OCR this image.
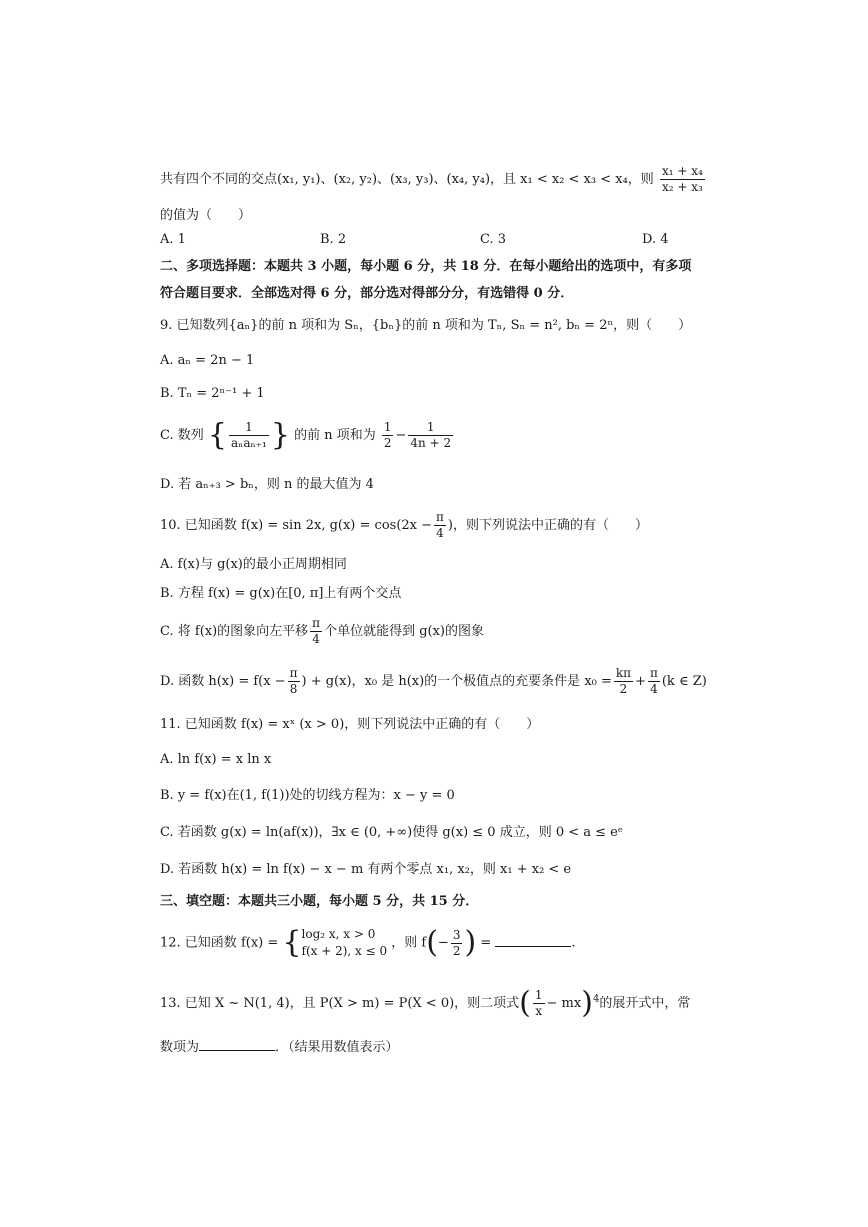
共有四个不同的交点(x₁, y₁)、(x₂, y₂)、(x₃, y₃)、(x₄, y₄)，且 x₁ < x₂ < x₃ < x₄，则 $\frac{\text{x₁ + x₄}}{\text{x₂ + x₃}}$
的值为（　　）
A. 1	B. 2	C. 3	D. 4
二、多项选择题：本题共 3 小题，每小题 6 分，共 18 分．在每小题给出的选项中，有多项
符合题目要求．全部选对得 6 分，部分选对得部分分，有选错得 0 分．
9. 已知数列{aₙ}的前 n 项和为 Sₙ，{bₙ}的前 n 项和为 Tₙ, Sₙ = n², bₙ = 2ⁿ，则（　　）
A. aₙ = 2n − 1
B. Tₙ = 2ⁿ⁻¹ + 1
C. 数列 { $\frac{1}{\text{aₙaₙ₊₁}}$ } 的前 n 项和为 $\frac{1}{2} - \frac{1}{4n + 2}$
D. 若 aₙ₊₃ > bₙ，则 n 的最大值为 4
10. 已知函数 f(x) = sin 2x, $g(x) = \cos(2x - \frac{\pi}{4}$ )，则下列说法中正确的有（　　）
A. f(x)与 g(x)的最小正周期相同
B. 方程 f(x) = g(x)在[0, π]上有两个交点
C. 将 f(x)的图象向左平移 $\frac{\pi}{4}$ 个单位就能得到 g(x)的图象
D. 函数 $h(x) = f(x - \frac{\pi}{8}$ ) + g(x)，x₀ 是 h(x)的一个极值点的充要条件是 $x_0 = \frac{k\pi}{2} + \frac{\pi}{4} (k$ ∈ Z)
11. 已知函数 f(x) = xˣ (x > 0)，则下列说法中正确的有（　　）
A. ln f(x) = x ln x
B. y = f(x)在(1, f(1))处的切线方程为：x − y = 0
C. 若函数 g(x) = ln(af(x))，∃x ∈ (0, +∞)使得 g(x) ≤ 0 成立，则 0 < a ≤ eᵉ
D. 若函数 h(x) = ln f(x) − x − m 有两个零点 x₁, x₂，则 x₁ + x₂ < e
三、填空题：本题共三小题，每小题 5 分，共 15 分．
12. 已知函数 f(x) = { log₂ x, x > 0
f(x + 2), x ≤ 0
，则 $f(- \frac{3}{2}$ ) =	.
13. 已知 X ~ N(1, 4)，且 P(X > m) = P(X < 0)，则二项式( $\frac{1}{x} - mx)^4$的展开式中，常
数项为	．（结果用数值表示）
